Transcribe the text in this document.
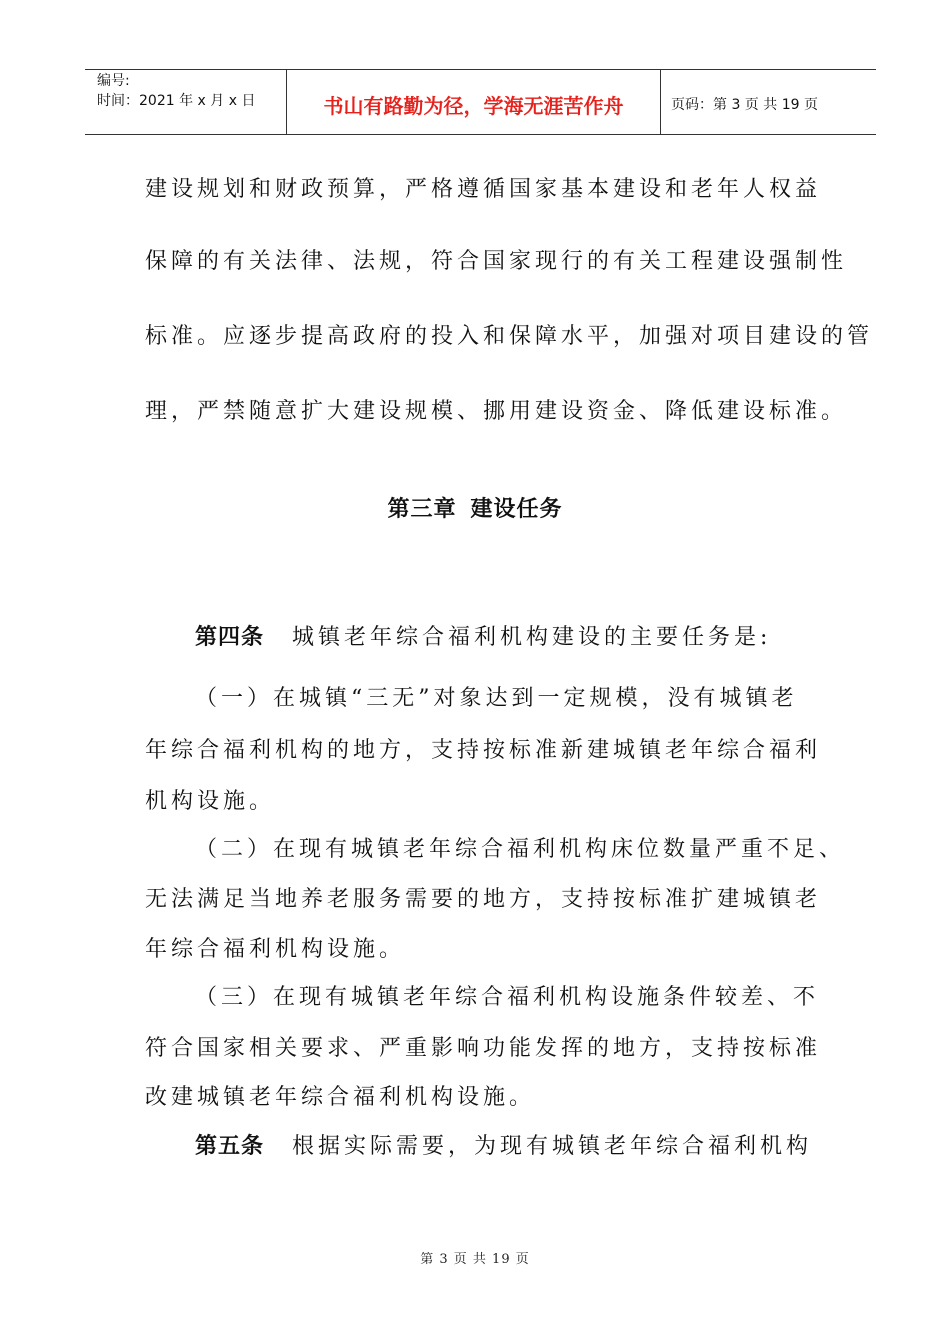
编号:
时间：2021 年 x 月 x 日	书山有路勤为径，学海无涯苦作舟	页码：第 3 页 共 19 页
建设规划和财政预算，严格遵循国家基本建设和老年人权益
保障的有关法律、法规，符合国家现行的有关工程建设强制性
标准。应逐步提高政府的投入和保障水平，加强对项目建设的管
理，严禁随意扩大建设规模、挪用建设资金、降低建设标准。
第三章 建设任务
第四条 城镇老年综合福利机构建设的主要任务是:
（一）在城镇“三无”对象达到一定规模，没有城镇老
年综合福利机构的地方，支持按标准新建城镇老年综合福利
机构设施。
（二）在现有城镇老年综合福利机构床位数量严重不足、
无法满足当地养老服务需要的地方，支持按标准扩建城镇老
年综合福利机构设施。
（三）在现有城镇老年综合福利机构设施条件较差、不
符合国家相关要求、严重影响功能发挥的地方，支持按标准
改建城镇老年综合福利机构设施。
第五条 根据实际需要，为现有城镇老年综合福利机构
第 3 页 共 19 页
